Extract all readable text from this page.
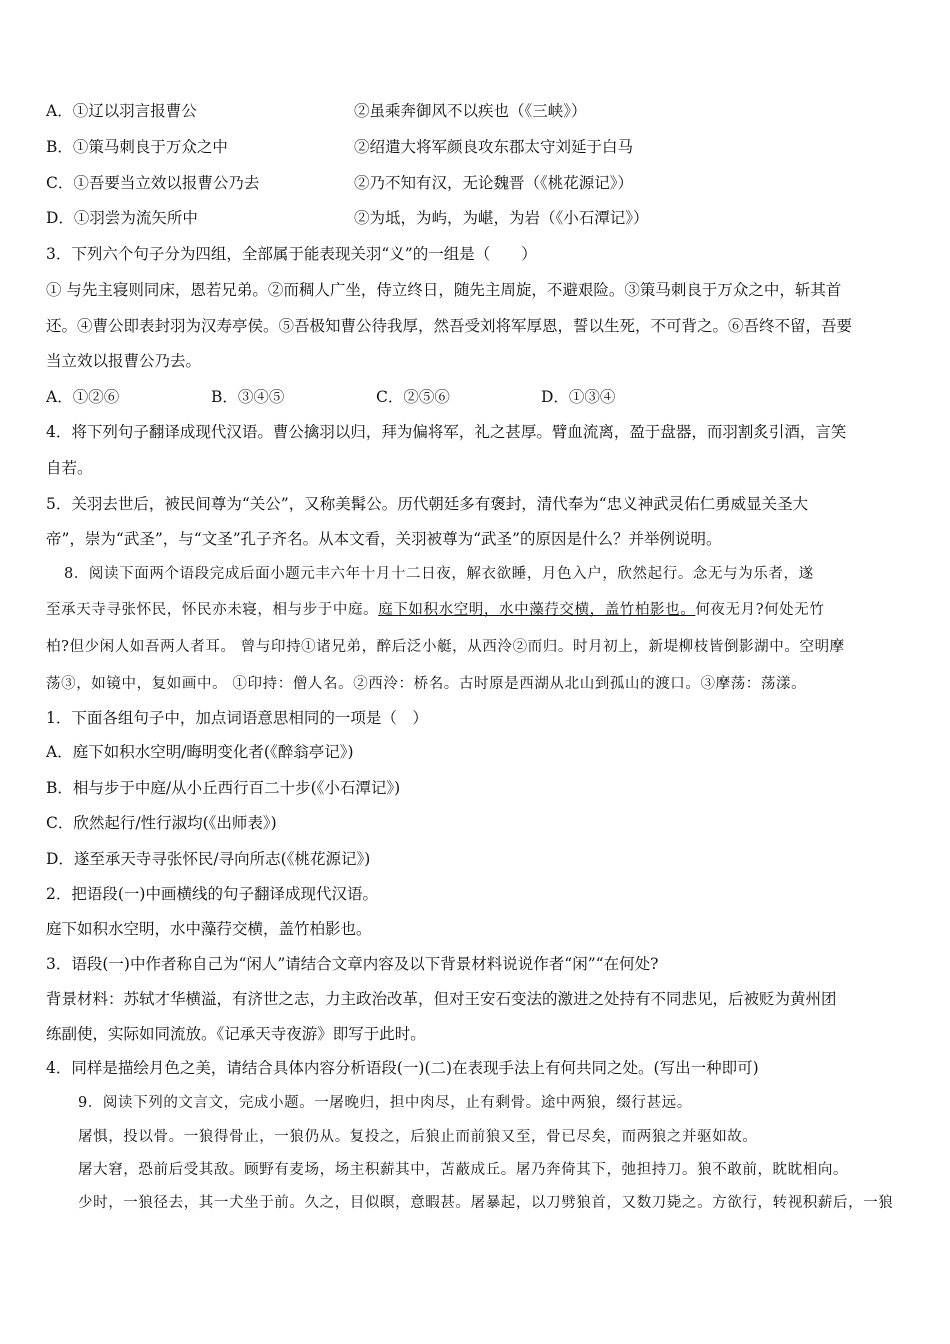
A．①辽以羽言报曹公	②虽乘奔御风不以疾也（《三峡》）
B．①策马刺良于万众之中	②绍遣大将军颜良攻东郡太守刘延于白马
C．①吾要当立效以报曹公乃去	②乃不知有汉，无论魏晋（《桃花源记》）
D．①羽尝为流矢所中	②为坻，为屿，为嵁，为岩（《小石潭记》）
3．下列六个句子分为四组，全部属于能表现关羽“义”的一组是（　　）
① 与先主寝则同床，恩若兄弟。②而稠人广坐，侍立终日，随先主周旋，不避艰险。③策马刺良于万众之中，斩其首
还。④曹公即表封羽为汉寿亭侯。⑤吾极知曹公待我厚，然吾受刘将军厚恩，誓以生死，不可背之。⑥吾终不留，吾要
当立效以报曹公乃去。
A．①②⑥	B．③④⑤	C．②⑤⑥	D．①③④
4．将下列句子翻译成现代汉语。曹公擒羽以归，拜为偏将军，礼之甚厚。臂血流离，盈于盘器，而羽割炙引酒，言笑
自若。
5．关羽去世后，被民间尊为“关公”，又称美髯公。历代朝廷多有褒封，清代奉为“忠义神武灵佑仁勇威显关圣大
帝”，崇为“武圣”，与“文圣”孔子齐名。从本文看，关羽被尊为“武圣”的原因是什么？并举例说明。
8．阅读下面两个语段完成后面小题元丰六年十月十二日夜，解衣欲睡，月色入户，欣然起行。念无与为乐者，遂
至承天寺寻张怀民，怀民亦未寝，相与步于中庭。庭下如积水空明，水中藻荇交横，盖竹柏影也。何夜无月?何处无竹
柏?但少闲人如吾两人者耳。 曾与印持①诸兄弟，醉后泛小艇，从西泠②而归。时月初上，新堤柳枝皆倒影湖中。空明摩
荡③，如镜中，复如画中。 ①印持：僧人名。②西泠：桥名。古时原是西湖从北山到孤山的渡口。③摩荡：荡漾。
1．下面各组句子中，加点词语意思相同的一项是（　）
A．庭下如积水空明/晦明变化者(《醉翁亭记》)
B．相与步于中庭/从小丘西行百二十步(《小石潭记》)
C．欣然起行/性行淑均(《出师表》)
D．遂至承天寺寻张怀民/寻向所志(《桃花源记》)
2．把语段(一)中画横线的句子翻译成现代汉语。
庭下如积水空明，水中藻荇交横，盖竹柏影也。
3．语段(一)中作者称自己为“闲人”请结合文章内容及以下背景材料说说作者“闲”“在何处?
背景材料：苏轼才华横溢，有济世之志，力主政治改革，但对王安石变法的激进之处持有不同悲见，后被贬为黄州团
练副使，实际如同流放。《记承天寺夜游》即写于此时。
4．同样是描绘月色之美，请结合具体内容分析语段(一)(二)在表现手法上有何共同之处。(写出一种即可)
9．阅读下列的文言文，完成小题。一屠晚归，担中肉尽，止有剩骨。途中两狼，缀行甚远。
屠惧，投以骨。一狼得骨止，一狼仍从。复投之，后狼止而前狼又至，骨已尽矣，而两狼之并驱如故。
屠大窘，恐前后受其敌。顾野有麦场，场主积薪其中，苫蔽成丘。屠乃奔倚其下，弛担持刀。狼不敢前，眈眈相向。
少时，一狼径去，其一犬坐于前。久之，目似瞑，意暇甚。屠暴起，以刀劈狼首，又数刀毙之。方欲行，转视积薪后，一狼
